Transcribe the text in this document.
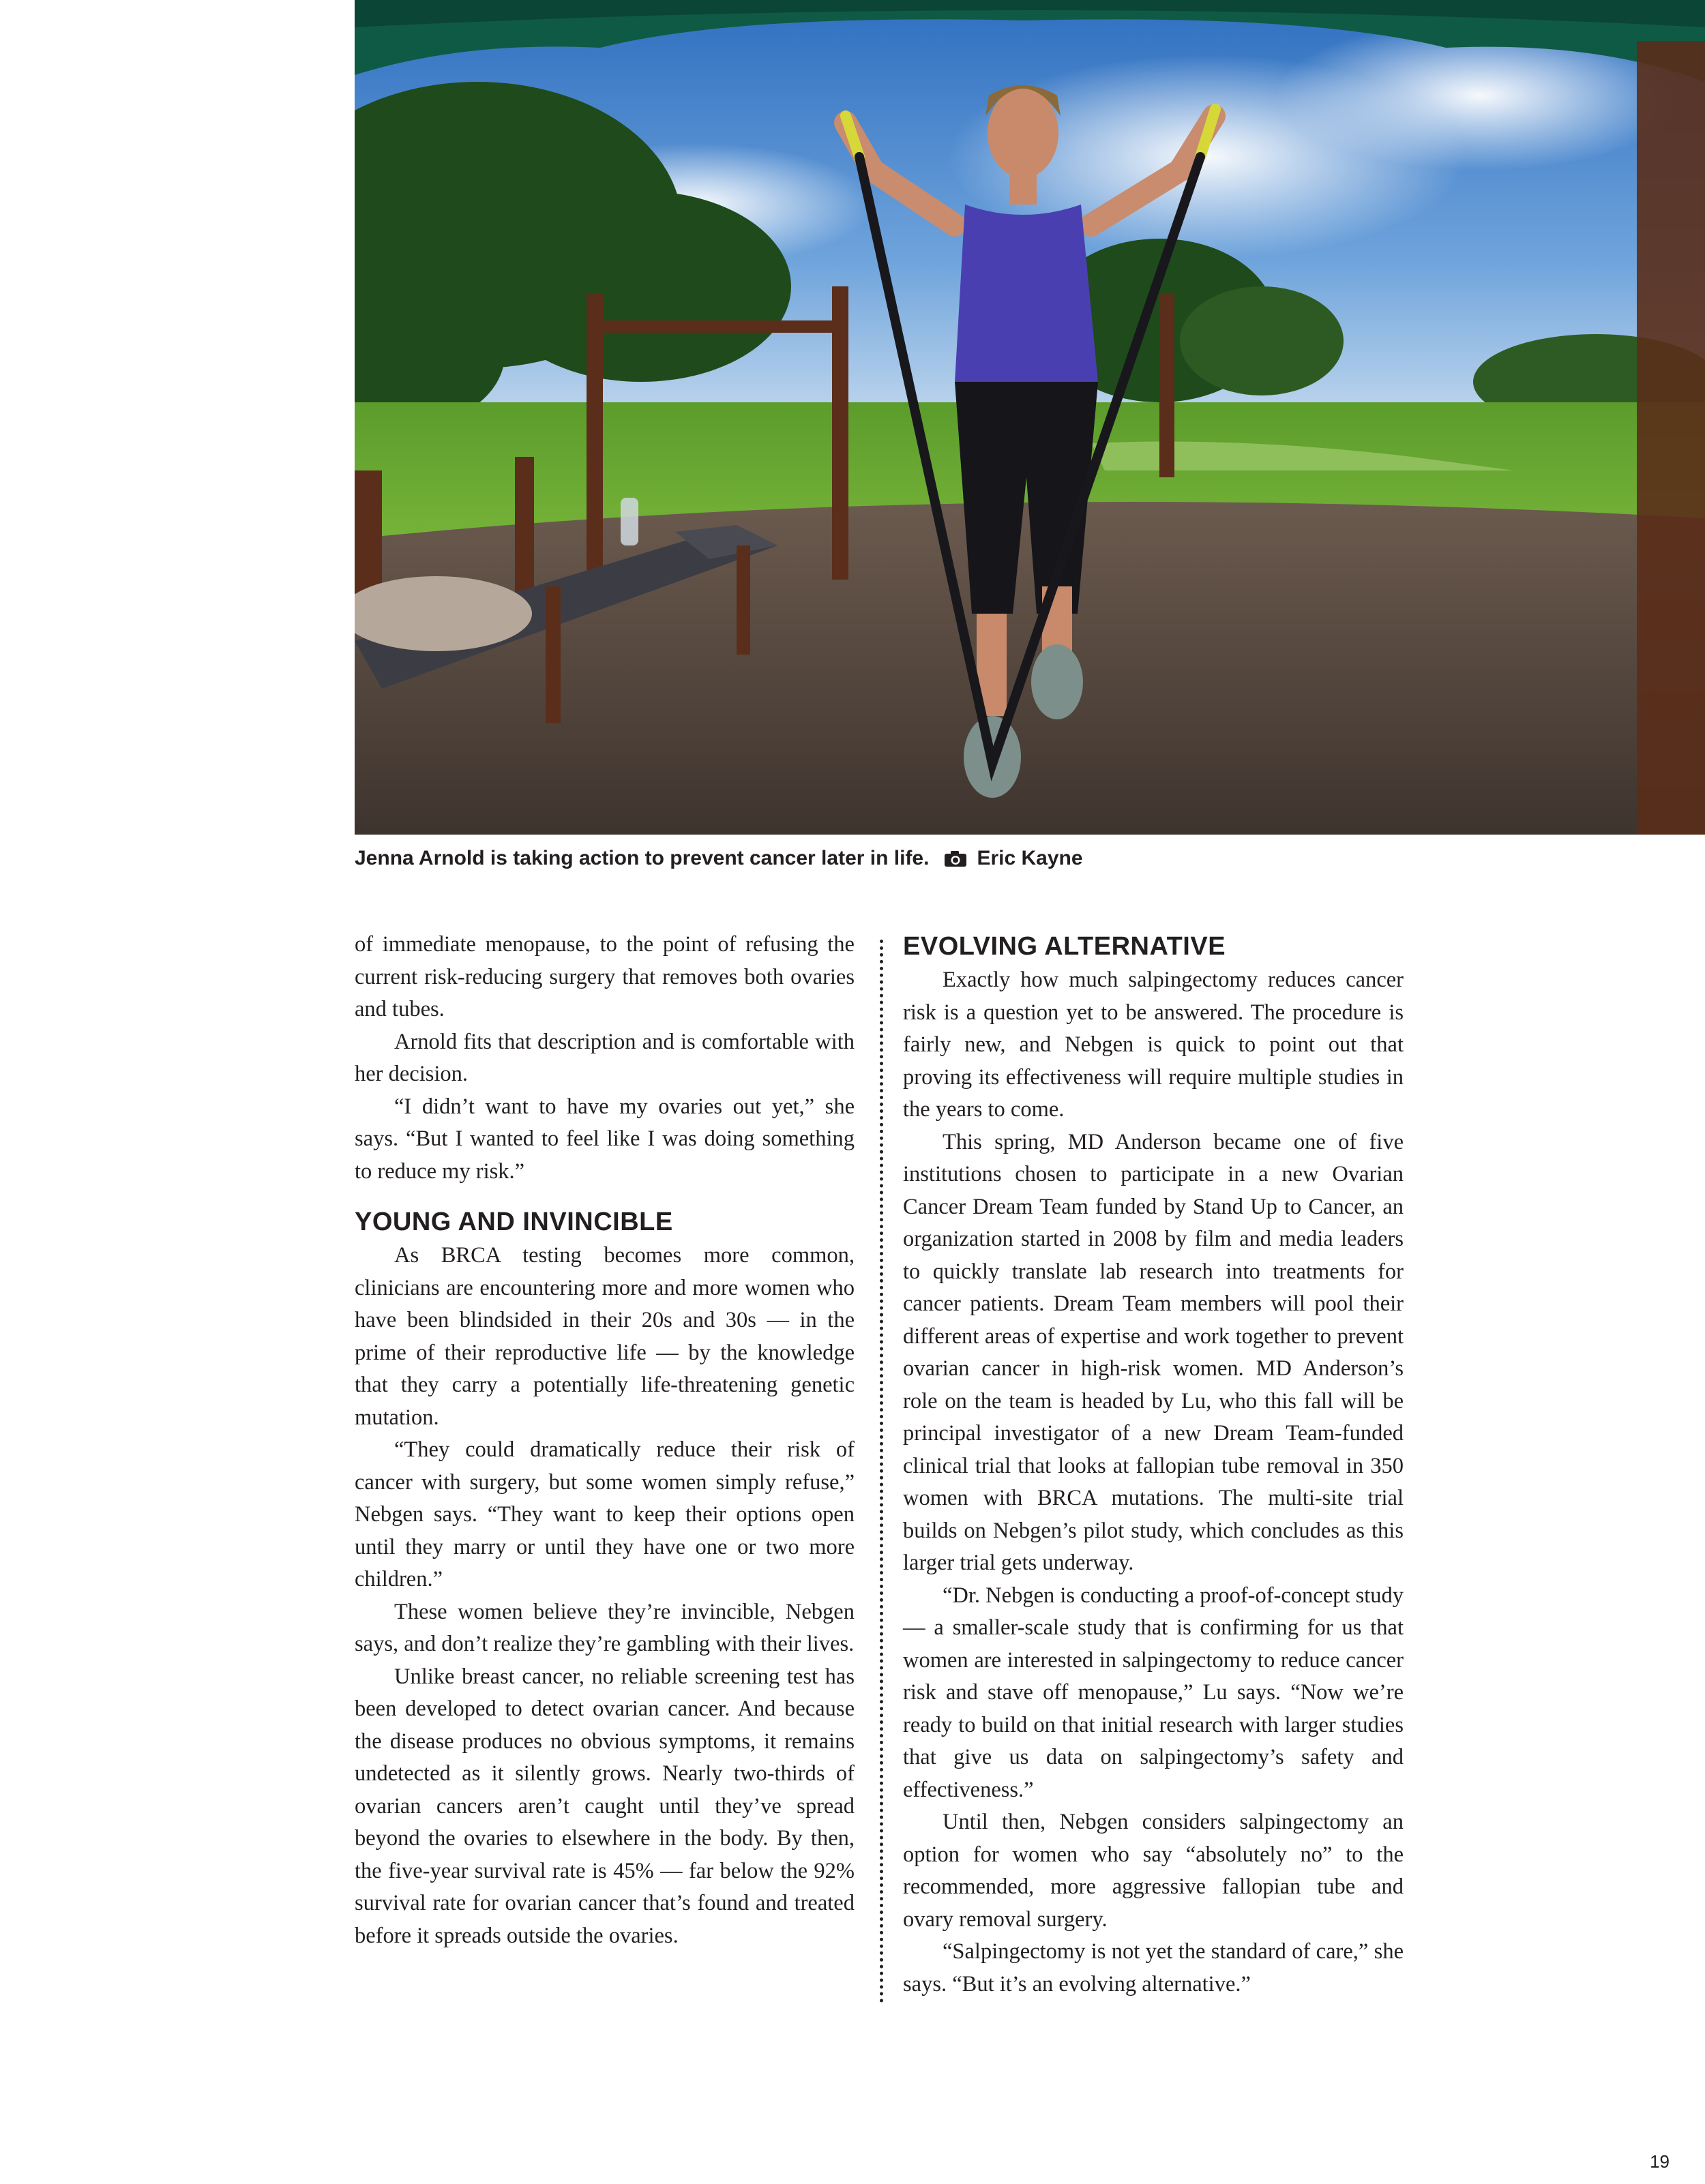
Jenna Arnold is taking action to prevent cancer later in life. Eric Kayne

of immediate menopause, to the point of refusing the current risk-reducing surgery that removes both ovaries and tubes.

Arnold fits that description and is comfortable with her decision.

“I didn’t want to have my ovaries out yet,” she says. “But I wanted to feel like I was doing something to reduce my risk.”

YOUNG AND INVINCIBLE

As BRCA testing becomes more common, clinicians are encountering more and more women who have been blindsided in their 20s and 30s — in the prime of their reproductive life — by the knowledge that they carry a potentially life-threatening genetic mutation.

“They could dramatically reduce their risk of cancer with surgery, but some women simply refuse,” Nebgen says. “They want to keep their options open until they marry or until they have one or two more children.”

These women believe they’re invincible, Nebgen says, and don’t realize they’re gambling with their lives.

Unlike breast cancer, no reliable screening test has been developed to detect ovarian cancer. And because the disease produces no obvious symptoms, it remains undetected as it silently grows. Nearly two-thirds of ovarian cancers aren’t caught until they’ve spread beyond the ovaries to elsewhere in the body. By then, the five-year survival rate is 45% — far below the 92% survival rate for ovarian cancer that’s found and treated before it spreads outside the ovaries.

EVOLVING ALTERNATIVE

Exactly how much salpingectomy reduces cancer risk is a question yet to be answered. The procedure is fairly new, and Nebgen is quick to point out that proving its effectiveness will require multiple studies in the years to come.

This spring, MD Anderson became one of five institutions chosen to participate in a new Ovarian Cancer Dream Team funded by Stand Up to Cancer, an organization started in 2008 by film and media leaders to quickly translate lab research into treatments for cancer patients. Dream Team members will pool their different areas of expertise and work together to prevent ovarian cancer in high-risk women. MD Anderson’s role on the team is headed by Lu, who this fall will be principal investigator of a new Dream Team-funded clinical trial that looks at fallopian tube removal in 350 women with BRCA mutations. The multi-site trial builds on Nebgen’s pilot study, which concludes as this larger trial gets underway.

“Dr. Nebgen is conducting a proof-of-concept study — a smaller-scale study that is confirming for us that women are interested in salpingectomy to reduce cancer risk and stave off menopause,” Lu says. “Now we’re ready to build on that initial research with larger studies that give us data on salpingectomy’s safety and effectiveness.”

Until then, Nebgen considers salpingectomy an option for women who say “absolutely no” to the recommended, more aggressive fallopian tube and ovary removal surgery.

“Salpingectomy is not yet the standard of care,” she says. “But it’s an evolving alternative.”

19
